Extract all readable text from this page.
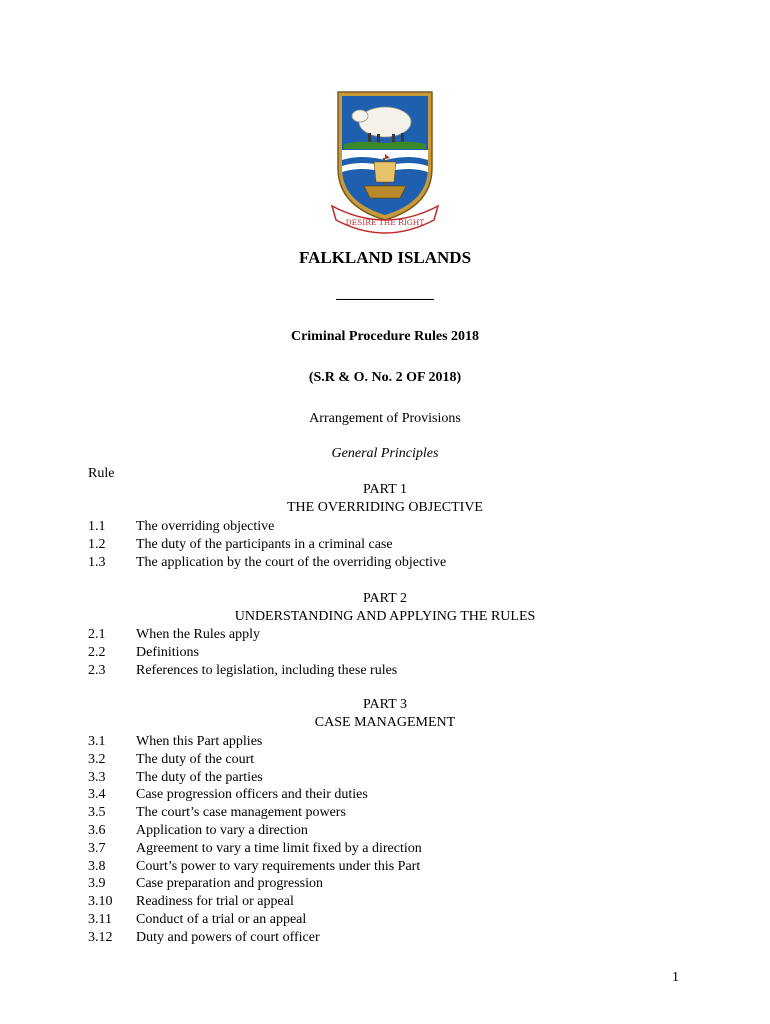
DESIRE THE RIGHT
FALKLAND ISLANDS
_____________
Criminal Procedure Rules 2018
(S.R & O. No. 2 OF 2018)
Arrangement of Provisions
General Principles
Rule
PART 1
THE OVERRIDING OBJECTIVE
1.1 The overriding objective
1.2 The duty of the participants in a criminal case
1.3 The application by the court of the overriding objective
PART 2
UNDERSTANDING AND APPLYING THE RULES
2.1 When the Rules apply
2.2 Definitions
2.3 References to legislation, including these rules
PART 3
CASE MANAGEMENT
3.1 When this Part applies
3.2 The duty of the court
3.3 The duty of the parties
3.4 Case progression officers and their duties
3.5 The court’s case management powers
3.6 Application to vary a direction
3.7 Agreement to vary a time limit fixed by a direction
3.8 Court’s power to vary requirements under this Part
3.9 Case preparation and progression
3.10 Readiness for trial or appeal
3.11 Conduct of a trial or an appeal
3.12 Duty and powers of court officer
1
